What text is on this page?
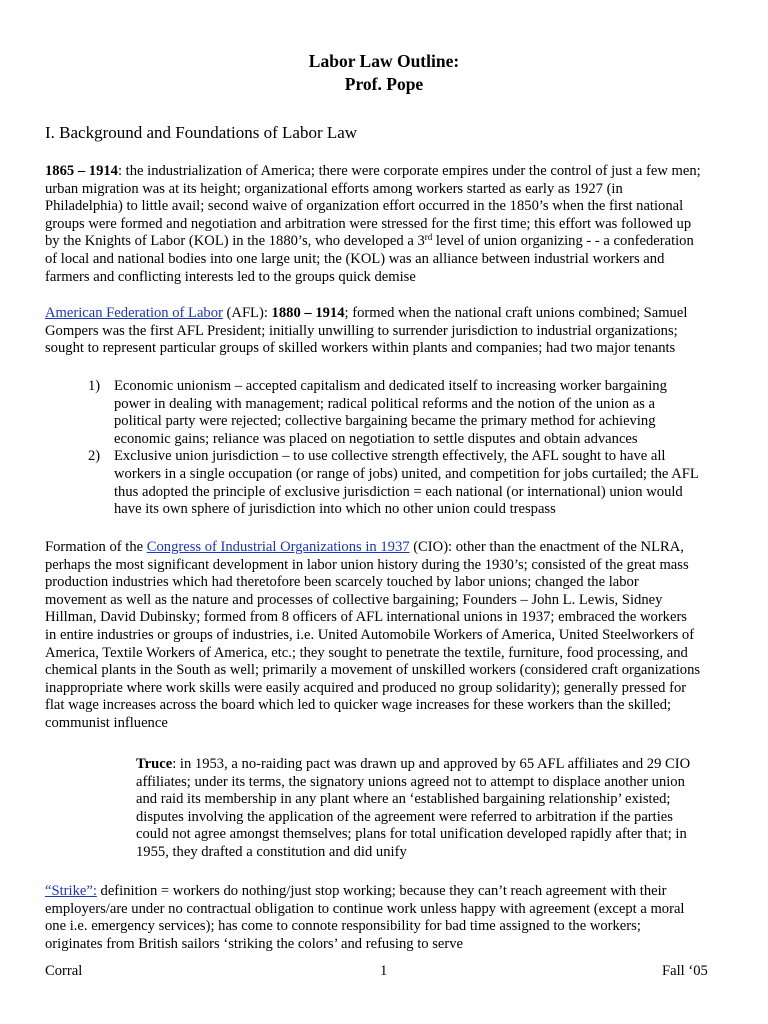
Labor Law Outline:
Prof. Pope
I. Background and Foundations of Labor Law
1865 – 1914: the industrialization of America; there were corporate empires under the control of just a few men;
urban migration was at its height; organizational efforts among workers started as early as 1927 (in
Philadelphia) to little avail; second waive of organization effort occurred in the 1850’s when the first national
groups were formed and negotiation and arbitration were stressed for the first time; this effort was followed up
by the Knights of Labor (KOL) in the 1880’s, who developed a 3rd level of union organizing - - a confederation
of local and national bodies into one large unit; the (KOL) was an alliance between industrial workers and
farmers and conflicting interests led to the groups quick demise
American Federation of Labor (AFL): 1880 – 1914; formed when the national craft unions combined; Samuel
Gompers was the first AFL President; initially unwilling to surrender jurisdiction to industrial organizations;
sought to represent particular groups of skilled workers within plants and companies; had two major tenants
1) Economic unionism – accepted capitalism and dedicated itself to increasing worker bargaining
power in dealing with management; radical political reforms and the notion of the union as a
political party were rejected; collective bargaining became the primary method for achieving
economic gains; reliance was placed on negotiation to settle disputes and obtain advances
2) Exclusive union jurisdiction – to use collective strength effectively, the AFL sought to have all
workers in a single occupation (or range of jobs) united, and competition for jobs curtailed; the AFL
thus adopted the principle of exclusive jurisdiction = each national (or international) union would
have its own sphere of jurisdiction into which no other union could trespass
Formation of the Congress of Industrial Organizations in 1937 (CIO): other than the enactment of the NLRA,
perhaps the most significant development in labor union history during the 1930’s; consisted of the great mass
production industries which had theretofore been scarcely touched by labor unions; changed the labor
movement as well as the nature and processes of collective bargaining; Founders – John L. Lewis, Sidney
Hillman, David Dubinsky; formed from 8 officers of AFL international unions in 1937; embraced the workers
in entire industries or groups of industries, i.e. United Automobile Workers of America, United Steelworkers of
America, Textile Workers of America, etc.; they sought to penetrate the textile, furniture, food processing, and
chemical plants in the South as well; primarily a movement of unskilled workers (considered craft organizations
inappropriate where work skills were easily acquired and produced no group solidarity); generally pressed for
flat wage increases across the board which led to quicker wage increases for these workers than the skilled;
communist influence
Truce: in 1953, a no-raiding pact was drawn up and approved by 65 AFL affiliates and 29 CIO
affiliates; under its terms, the signatory unions agreed not to attempt to displace another union
and raid its membership in any plant where an ‘established bargaining relationship’ existed;
disputes involving the application of the agreement were referred to arbitration if the parties
could not agree amongst themselves; plans for total unification developed rapidly after that; in
1955, they drafted a constitution and did unify
“Strike”: definition = workers do nothing/just stop working; because they can’t reach agreement with their
employers/are under no contractual obligation to continue work unless happy with agreement (except a moral
one i.e. emergency services); has come to connote responsibility for bad time assigned to the workers;
originates from British sailors ‘striking the colors’ and refusing to serve
Corral	1	Fall ‘05
